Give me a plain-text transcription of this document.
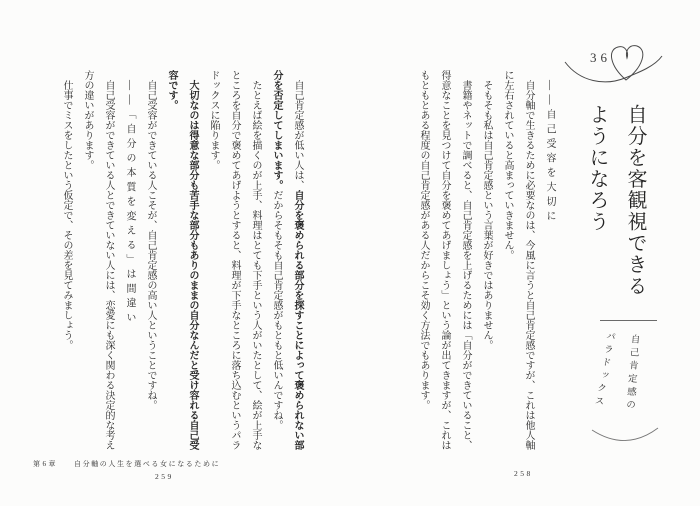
36
自分を客観視できる
ようになろう
自己肯定感の
パラドックス

――自己受容を大切に

自分軸で生きるために必要なのは、今風に言うと自己肯定感ですが、これは他人軸に左右されていると高まっていきません。

そもそも私は自己肯定感という言葉が好きではありません。

書籍やネットで調べると、自己肯定感を上げるためには「自分ができていること、得意なことを見つけて自分を褒めてあげましょう」という論が出てきますが、これはもともとある程度の自己肯定感がある人だからこそ効く方法でもあります。

258

自己肯定感が低い人は、自分を褒められる部分を探すことによって褒められない部分を否定してしまいます。だからそもそも自己肯定感がもともと低いんですね。

たとえば絵を描くのが上手、料理はとても下手という人がいたとして、絵が上手なところを自分で褒めてあげようとすると、料理が下手なところに落ち込むというパラドックスに陥ります。

大切なのは得意な部分も苦手な部分もありのままの自分なんだと受け容れる自己受容です。

自己受容ができている人こそが、自己肯定感の高い人ということですね。

――「自分の本質を変える」は間違い

自己受容ができている人とできていない人には、恋愛にも深く関わる決定的な考え方の違いがあります。

仕事でミスをしたという仮定で、その差を見てみましょう。

第6章 自分軸の人生を選べる女になるために
259
